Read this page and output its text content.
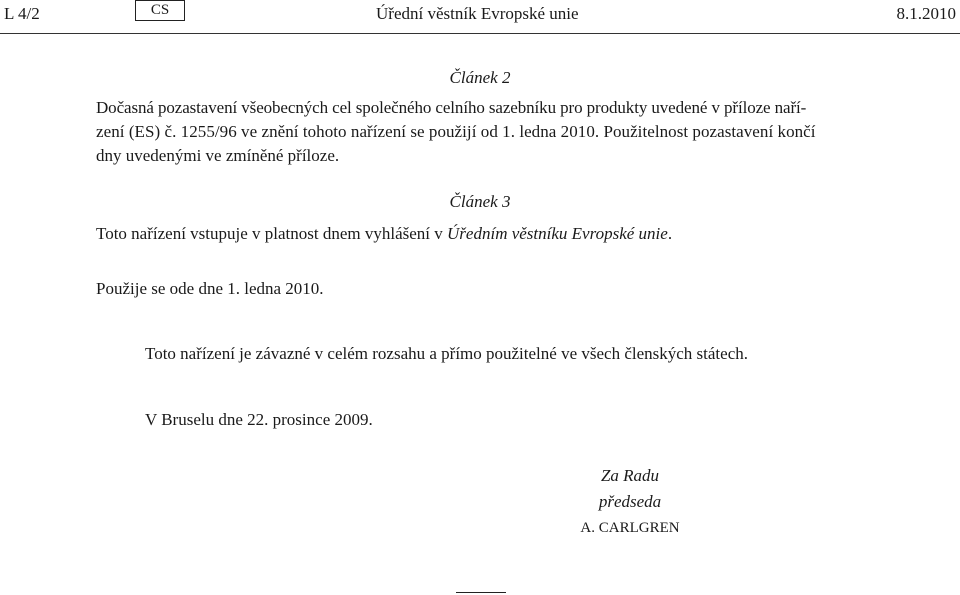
L 4/2	CS	Úřední věstník Evropské unie	8.1.2010
Článek 2
Dočasná pozastavení všeobecných cel společného celního sazebníku pro produkty uvedené v příloze naří-
zení (ES) č. 1255/96 ve znění tohoto nařízení se použijí od 1. ledna 2010. Použitelnost pozastavení končí
dny uvedenými ve zmíněné příloze.
Článek 3
Toto nařízení vstupuje v platnost dnem vyhlášení v Úředním věstníku Evropské unie.
Použije se ode dne 1. ledna 2010.
Toto nařízení je závazné v celém rozsahu a přímo použitelné ve všech členských státech.
V Bruselu dne 22. prosince 2009.
Za Radu
předseda
A. CARLGREN
